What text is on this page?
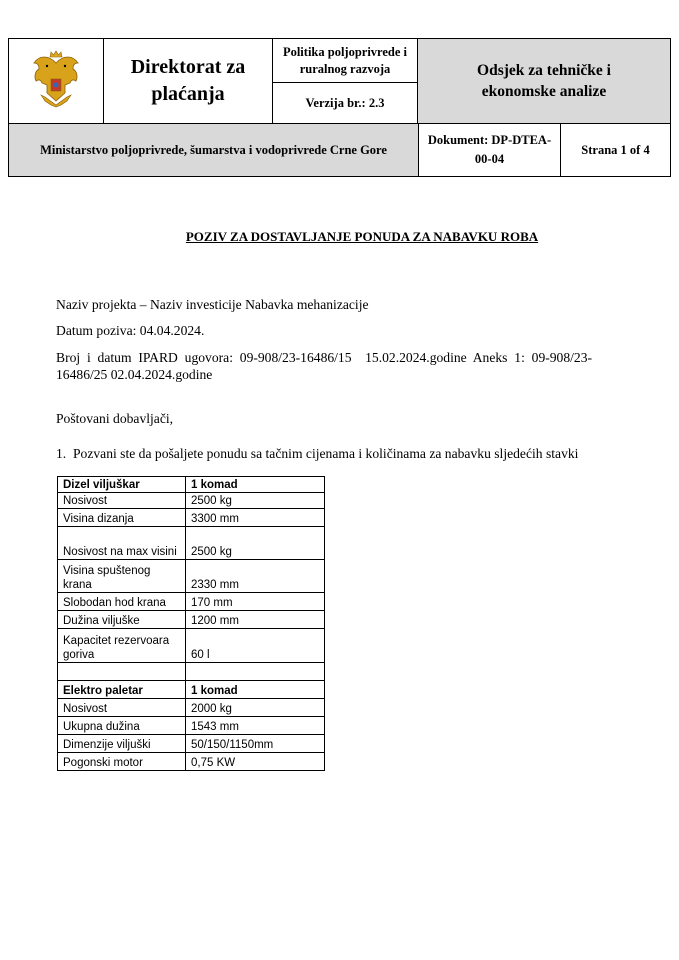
Direktorat za plaćanja
Politika poljoprivrede i ruralnog razvoja
Verzija br.: 2.3
Odsjek za tehničke i ekonomske analize
Ministarstvo poljoprivrede, šumarstva i vodoprivrede Crne Gore
Dokument: DP-DTEA-00-04
Strana 1 of 4
POZIV ZA DOSTAVLJANJE PONUDA ZA NABAVKU ROBA
Naziv projekta – Naziv investicije Nabavka mehanizacije
Datum poziva: 04.04.2024.
Broj  i  datum  IPARD  ugovora:  09-908/23-16486/15    15.02.2024.godine  Aneks  1:  09-908/23-
16486/25 02.04.2024.godine
Poštovani dobavljači,
1.  Pozvani ste da pošaljete ponudu sa tačnim cijenama i količinama za nabavku sljedećih stavki
Dizel viljuškar	1 komad
Nosivost	2500 kg
Visina dizanja	3300 mm
Nosivost na max visini	2500 kg
Visina spuštenog krana	2330 mm
Slobodan hod krana	170 mm
Dužina viljuške	1200 mm
Kapacitet rezervoara goriva	60 l

Elektro paletar	1 komad
Nosivost	2000 kg
Ukupna dužina	1543 mm
Dimenzije viljuški	50/150/1150mm
Pogonski motor	0,75 KW
